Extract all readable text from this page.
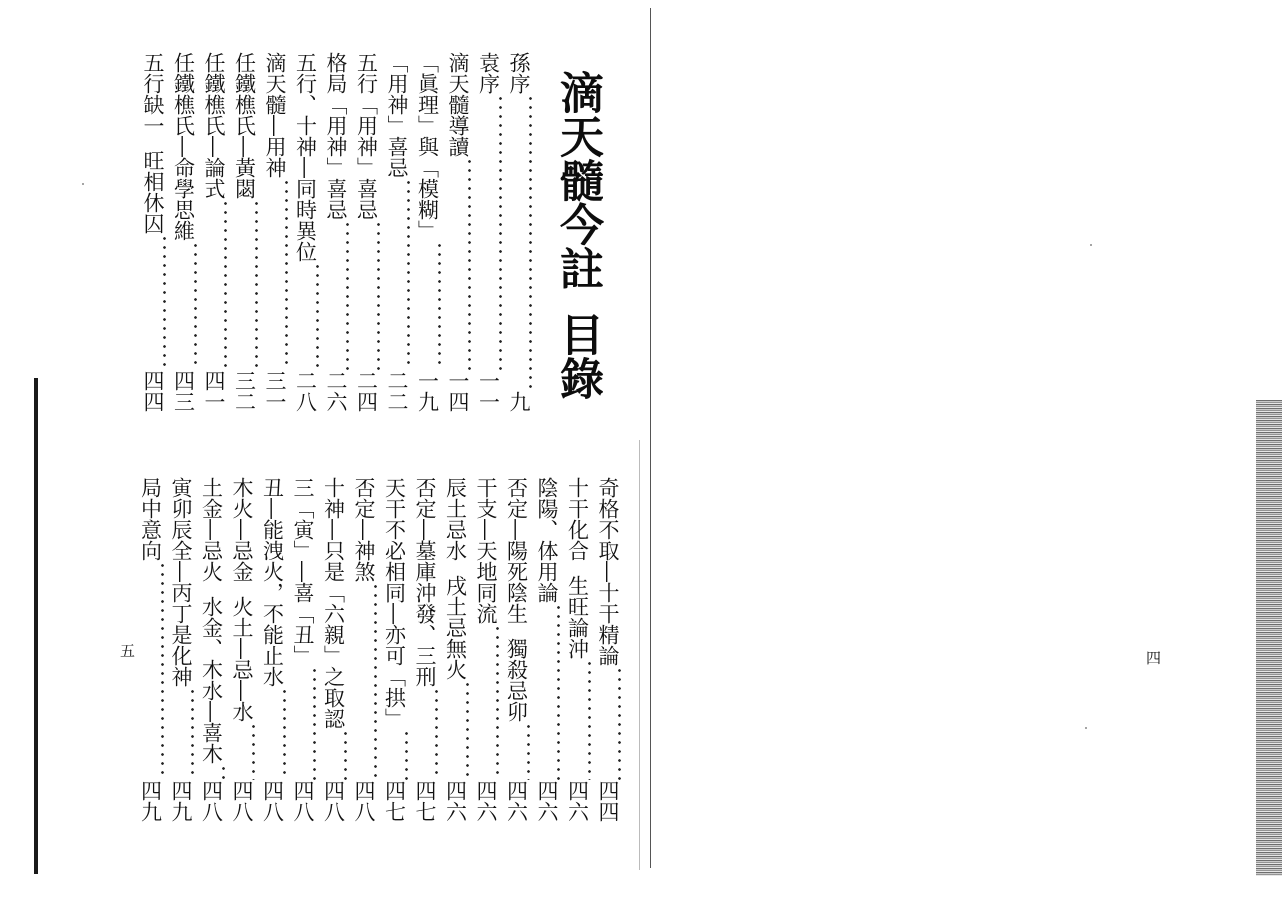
滴天髓今註目錄
孫序九
袁序一一
滴天髓導讀一四
「眞理」與「模糊」一九
「用神」喜忌二二
五行「用神」喜忌二四
格局「用神」喜忌二六
五行、十神―同時異位二八
滴天髓―用神三一
任鐵樵氏―黃閟三二
任鐵樵氏―論式四一
任鐵樵氏―命學思維四三
五行缺一旺相休囚四四
奇格不取―十干精論四四
十干化合生旺論沖四六
陰陽、体用論四六
否定―陽死陰生獨殺忌卯四六
干支―天地同流四六
辰土忌水戌土忌無火四六
否定―墓庫沖發、三刑四七
天干不必相同―亦可「拱」四七
否定―神煞四八
十神―只是「六親」之取認四八
三「寅」―喜「丑」四八
丑―能洩火，不能止水四八
木火―忌金火土―忌―水四八
土金―忌火水金、木水―喜木四八
寅卯辰全―丙丁是化神四九
局中意向四九
五	四
